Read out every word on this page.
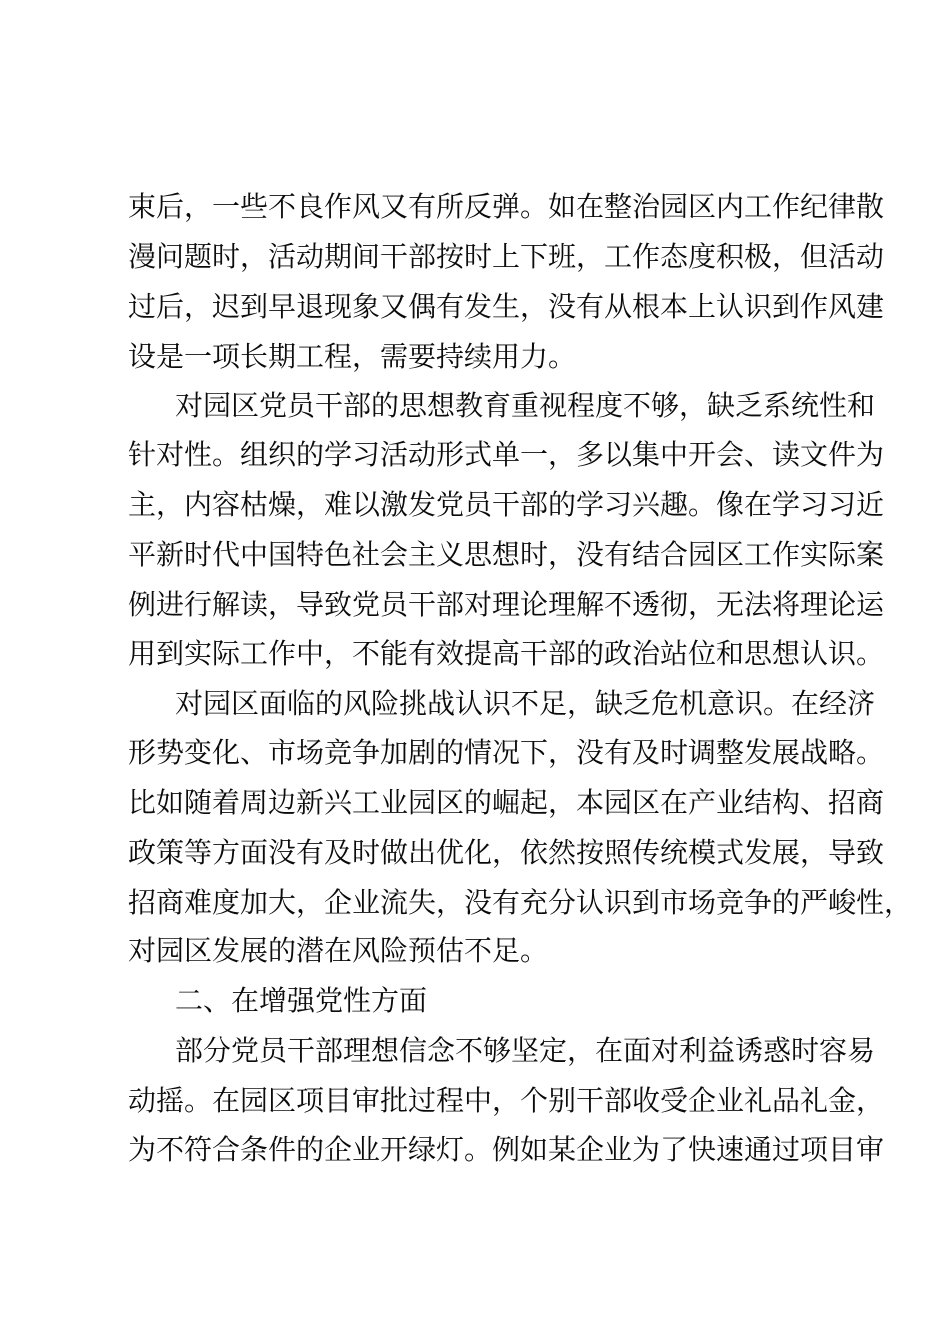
束后，一些不良作风又有所反弹。如在整治园区内工作纪律散
漫问题时，活动期间干部按时上下班，工作态度积极，但活动
过后，迟到早退现象又偶有发生，没有从根本上认识到作风建
设是一项长期工程，需要持续用力。
对园区党员干部的思想教育重视程度不够，缺乏系统性和
针对性。组织的学习活动形式单一，多以集中开会、读文件为
主，内容枯燥，难以激发党员干部的学习兴趣。像在学习习近
平新时代中国特色社会主义思想时，没有结合园区工作实际案
例进行解读，导致党员干部对理论理解不透彻，无法将理论运
用到实际工作中，不能有效提高干部的政治站位和思想认识。
对园区面临的风险挑战认识不足，缺乏危机意识。在经济
形势变化、市场竞争加剧的情况下，没有及时调整发展战略。
比如随着周边新兴工业园区的崛起，本园区在产业结构、招商
政策等方面没有及时做出优化，依然按照传统模式发展，导致
招商难度加大，企业流失，没有充分认识到市场竞争的严峻性，
对园区发展的潜在风险预估不足。
二、在增强党性方面
部分党员干部理想信念不够坚定，在面对利益诱惑时容易
动摇。在园区项目审批过程中，个别干部收受企业礼品礼金，
为不符合条件的企业开绿灯。例如某企业为了快速通过项目审
